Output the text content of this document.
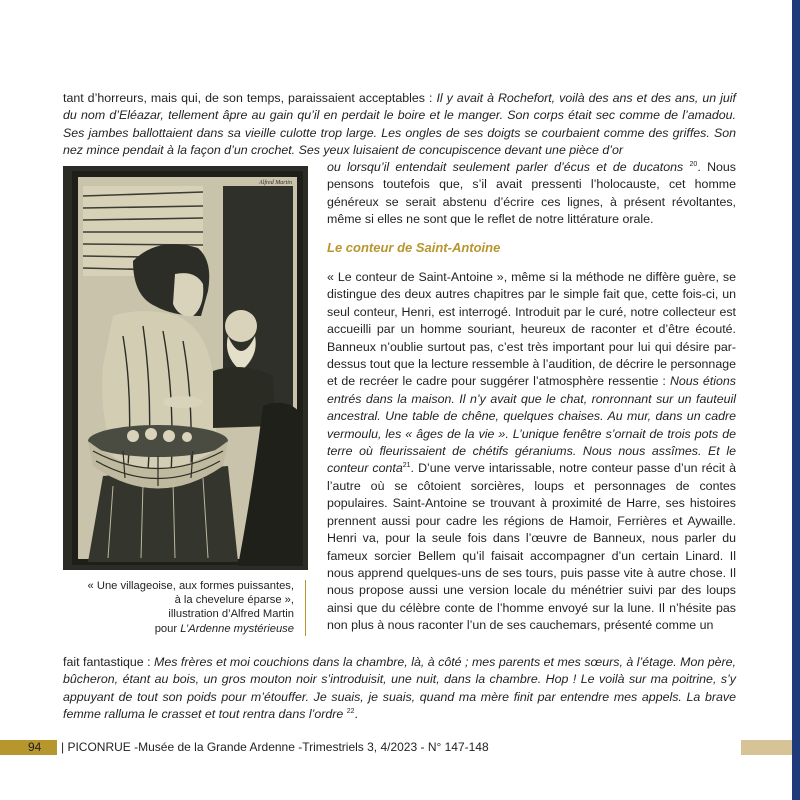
tant d’horreurs, mais qui, de son temps, paraissaient acceptables : Il y avait à Rochefort, voilà des ans et des ans, un juif du nom d’Eléazar, tellement âpre au gain qu’il en perdait le boire et le manger. Son corps était sec comme de l’amadou. Ses jambes ballottaient dans sa vieille culotte trop large. Les ongles de ses doigts se courbaient comme des griffes. Son nez mince pendait à la façon d’un crochet. Ses yeux luisaient de concupiscence devant une pièce d’or

ou lorsqu’il entendait seulement parler d’écus et de ducatons $^{20}$. Nous pensons toutefois que, s’il avait pressenti l’holocauste, cet homme généreux se serait abstenu d’écrire ces lignes, à présent révoltantes, même si elles ne sont que le reflet de notre littérature orale.

Le conteur de Saint-Antoine

« Le conteur de Saint-Antoine », même si la méthode ne diffère guère, se distingue des deux autres chapitres par le simple fait que, cette fois-ci, un seul conteur, Henri, est interrogé. Introduit par le curé, notre collecteur est accueilli par un homme souriant, heureux de raconter et d’être écouté. Banneux n’oublie surtout pas, c’est très important pour lui qui désire par-dessus tout que la lecture ressemble à l’audition, de décrire le personnage et de recréer le cadre pour suggérer l’atmosphère ressentie : Nous étions entrés dans la maison. Il n’y avait que le chat, ronronnant sur un fauteuil ancestral. Une table de chêne, quelques chaises. Au mur, dans un cadre vermoulu, les « âges de la vie ». L’unique fenêtre s’ornait de trois pots de terre où fleurissaient de chétifs géraniums. Nous nous assîmes. Et le conteur conta$^{21}$. D’une verve intarissable, notre conteur passe d’un récit à l’autre où se côtoient sorcières, loups et personnages de contes populaires. Saint-Antoine se trouvant à proximité de Harre, ses histoires prennent aussi pour cadre les régions de Hamoir, Ferrières et Aywaille. Henri va, pour la seule fois dans l’œuvre de Banneux, nous parler du fameux sorcier Bellem qu’il faisait accompagner d’un certain Linard. Il nous apprend quelques-uns de ses tours, puis passe vite à autre chose. Il nous propose aussi une version locale du ménétrier suivi par des loups ainsi que du célèbre conte de l’homme envoyé sur la lune. Il n’hésite pas non plus à nous raconter l’un de ses cauchemars, présenté comme un

fait fantastique : Mes frères et moi couchions dans la chambre, là, à côté ; mes parents et mes sœurs, à l’étage. Mon père, bûcheron, étant au bois, un gros mouton noir s’introduisit, une nuit, dans la chambre. Hop ! Le voilà sur ma poitrine, s’y appuyant de tout son poids pour m’étouffer. Je suais, je suais, quand ma mère finit par entendre mes appels. La brave femme ralluma le crasset et tout rentra dans l’ordre $^{22}$.

Alfred Martin

« Une villageoise, aux formes puissantes,

à la chevelure éparse »,

illustration d’Alfred Martin

pour L’Ardenne mystérieuse

94 | PICONRUE -Musée de la Grande Ardenne -Trimestriels 3, 4/2023 - N° 147-148
